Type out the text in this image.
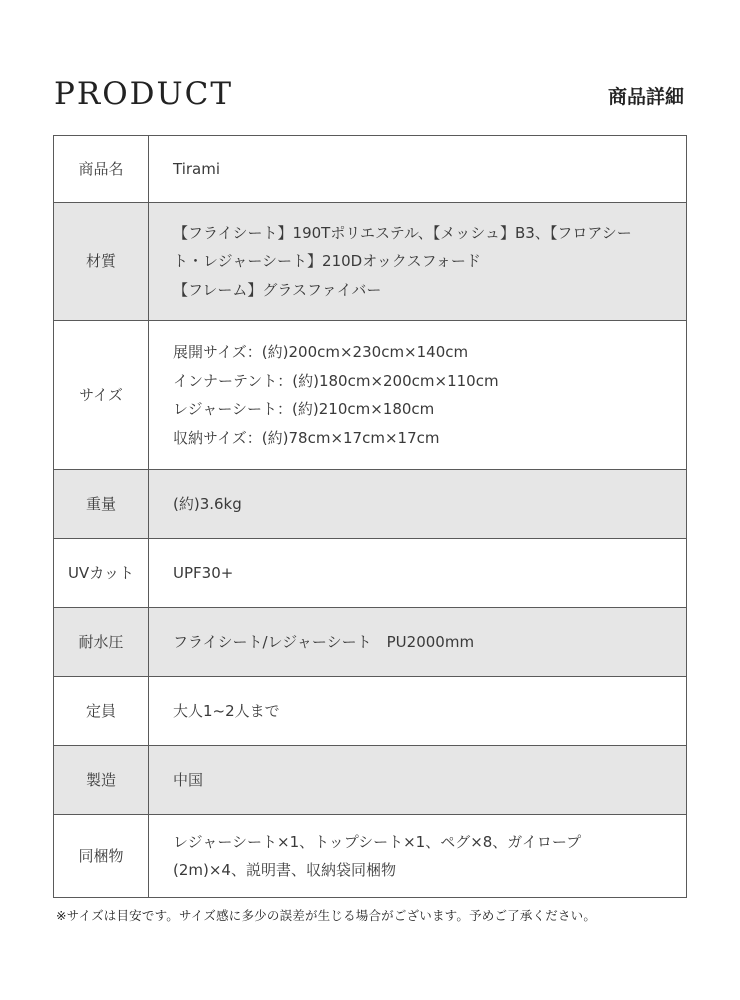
PRODUCT	商品詳細
商品名	Tirami
材質	【フライシート】190Tポリエステル、【メッシュ】B3、【フロアシー
ト・レジャーシート】210Dオックスフォード
【フレーム】グラスファイバー

サイズ	展開サイズ：(約)200cm×230cm×140cm
インナーテント：(約)180cm×200cm×110cm
レジャーシート：(約)210cm×180cm
収納サイズ：(約)78cm×17cm×17cm

重量	(約)3.6kg
UVカット	UPF30+
耐水圧	フライシート/レジャーシート　PU2000mm
定員	大人1~2人まで
製造	中国
同梱物	レジャーシート×1、トップシート×1、ペグ×8、ガイロープ
(2m)×4、説明書、収納袋同梱物
※サイズは目安です。サイズ感に多少の誤差が生じる場合がございます。予めご了承ください。
